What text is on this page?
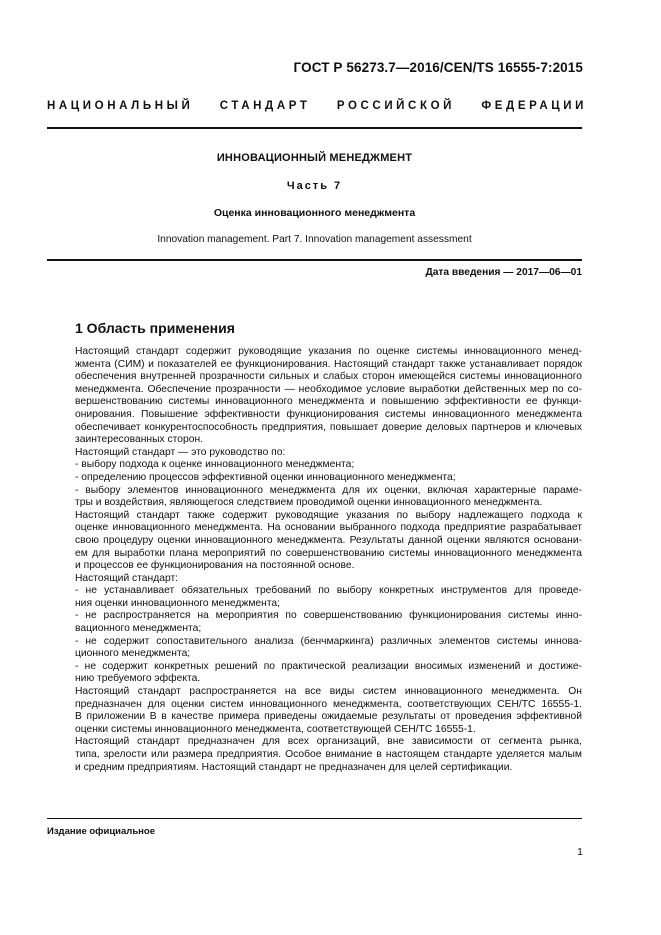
ГОСТ Р 56273.7—2016/CEN/TS 16555-7:2015
НАЦИОНАЛЬНЫЙ СТАНДАРТ РОССИЙСКОЙ ФЕДЕРАЦИИ
ИННОВАЦИОННЫЙ МЕНЕДЖМЕНТ
Часть 7
Оценка инновационного менеджмента
Innovation management. Part 7. Innovation management assessment
Дата введения — 2017—06—01
1 Область применения
Настоящий стандарт содержит руководящие указания по оценке системы инновационного менед-
жмента (СИМ) и показателей ее функционирования. Настоящий стандарт также устанавливает порядок
обеспечения внутренней прозрачности сильных и слабых сторон имеющейся системы инновационного
менеджмента. Обеспечение прозрачности — необходимое условие выработки действенных мер по со-
вершенствованию системы инновационного менеджмента и повышению эффективности ее функци-
онирования. Повышение эффективности функционирования системы инновационного менеджмента
обеспечивает конкурентоспособность предприятия, повышает доверие деловых партнеров и ключевых
заинтересованных сторон.
Настоящий стандарт — это руководство по:
- выбору подхода к оценке инновационного менеджмента;
- определению процессов эффективной оценки инновационного менеджмента;
- выбору элементов инновационного менеджмента для их оценки, включая характерные параме-
тры и воздействия, являющегося следствием проводимой оценки инновационного менеджмента.
Настоящий стандарт также содержит руководящие указания по выбору надлежащего подхода к
оценке инновационного менеджмента. На основании выбранного подхода предприятие разрабатывает
свою процедуру оценки инновационного менеджмента. Результаты данной оценки являются основани-
ем для выработки плана мероприятий по совершенствованию системы инновационного менеджмента
и процессов ее функционирования на постоянной основе.
Настоящий стандарт:
- не устанавливает обязательных требований по выбору конкретных инструментов для проведе-
ния оценки инновационного менеджмента;
- не распространяется на мероприятия по совершенствованию функционирования системы инно-
вационного менеджмента;
- не содержит сопоставительного анализа (бенчмаркинга) различных элементов системы иннова-
ционного менеджмента;
- не содержит конкретных решений по практической реализации вносимых изменений и достиже-
нию требуемого эффекта.
Настоящий стандарт распространяется на все виды систем инновационного менеджмента. Он
предназначен для оценки систем инновационного менеджмента, соответствующих СЕН/ТС 16555-1.
В приложении В в качестве примера приведены ожидаемые результаты от проведения эффективной
оценки системы инновационного менеджмента, соответствующей СЕН/ТС 16555-1.
Настоящий стандарт предназначен для всех организаций, вне зависимости от сегмента рынка,
типа, зрелости или размера предприятия. Особое внимание в настоящем стандарте уделяется малым
и средним предприятиям. Настоящий стандарт не предназначен для целей сертификации.
Издание официальное
1
